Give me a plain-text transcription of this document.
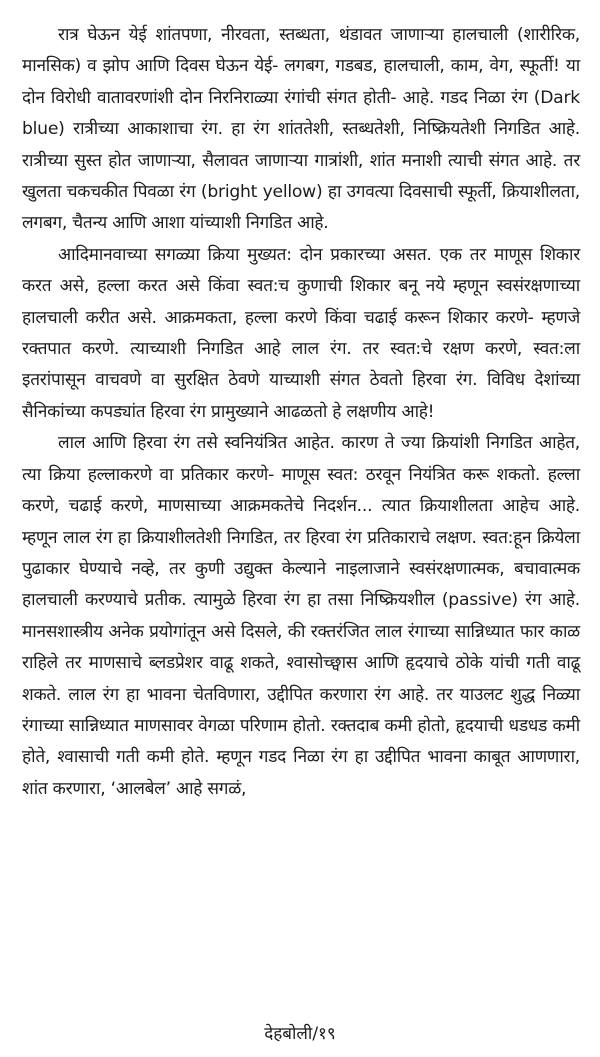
रात्र घेऊन येई शांतपणा, नीरवता, स्तब्धता, थंडावत जाणाऱ्या हालचाली (शारीरिक, मानसिक) व झोप आणि दिवस घेऊन येई- लगबग, गडबड, हालचाली, काम, वेग, स्फूर्ती! या दोन विरोधी वातावरणांशी दोन निरनिराळ्या रंगांची संगत होती- आहे. गडद निळा रंग (Dark blue) रात्रीच्या आकाशाचा रंग. हा रंग शांततेशी, स्तब्धतेशी, निष्क्रियतेशी निगडित आहे. रात्रीच्या सुस्त होत जाणाऱ्या, सैलावत जाणाऱ्या गात्रांशी, शांत मनाशी त्याची संगत आहे. तर खुलता चकचकीत पिवळा रंग (bright yellow) हा उगवत्या दिवसाची स्फूर्ती, क्रियाशीलता, लगबग, चैतन्य आणि आशा यांच्याशी निगडित आहे.

आदिमानवाच्या सगळ्या क्रिया मुख्यत: दोन प्रकारच्या असत. एक तर माणूस शिकार करत असे, हल्ला करत असे किंवा स्वत:च कुणाची शिकार बनू नये म्हणून स्वसंरक्षणाच्या हालचाली करीत असे. आक्रमकता, हल्ला करणे किंवा चढाई करून शिकार करणे- म्हणजे रक्तपात करणे. त्याच्याशी निगडित आहे लाल रंग. तर स्वत:चे रक्षण करणे, स्वत:ला इतरांपासून वाचवणे वा सुरक्षित ठेवणे याच्याशी संगत ठेवतो हिरवा रंग. विविध देशांच्या सैनिकांच्या कपड्यांत हिरवा रंग प्रामुख्याने आढळतो हे लक्षणीय आहे!

लाल आणि हिरवा रंग तसे स्वनियंत्रित आहेत. कारण ते ज्या क्रियांशी निगडित आहेत, त्या क्रिया हल्लाकरणे वा प्रतिकार करणे- माणूस स्वत: ठरवून नियंत्रित करू शकतो. हल्ला करणे, चढाई करणे, माणसाच्या आक्रमकतेचे निदर्शन... त्यात क्रियाशीलता आहेच आहे. म्हणून लाल रंग हा क्रियाशीलतेशी निगडित, तर हिरवा रंग प्रतिकाराचे लक्षण. स्वत:हून क्रियेला पुढाकार घेण्याचे नव्हे, तर कुणी उद्युक्त केल्याने नाइलाजाने स्वसंरक्षणात्मक, बचावात्मक हालचाली करण्याचे प्रतीक. त्यामुळे हिरवा रंग हा तसा निष्क्रियशील (passive) रंग आहे. मानसशास्त्रीय अनेक प्रयोगांतून असे दिसले, की रक्तरंजित लाल रंगाच्या सान्निध्यात फार काळ राहिले तर माणसाचे ब्लडप्रेशर वाढू शकते, श्वासोच्छ्वास आणि हृदयाचे ठोके यांची गती वाढू शकते. लाल रंग हा भावना चेतविणारा, उद्दीपित करणारा रंग आहे. तर याउलट शुद्ध निळ्या रंगाच्या सान्निध्यात माणसावर वेगळा परिणाम होतो. रक्तदाब कमी होतो, हृदयाची धडधड कमी होते, श्वासाची गती कमी होते. म्हणून गडद निळा रंग हा उद्दीपित भावना काबूत आणणारा, शांत करणारा, ‘आलबेल’ आहे सगळं,

देहबोली/१९
